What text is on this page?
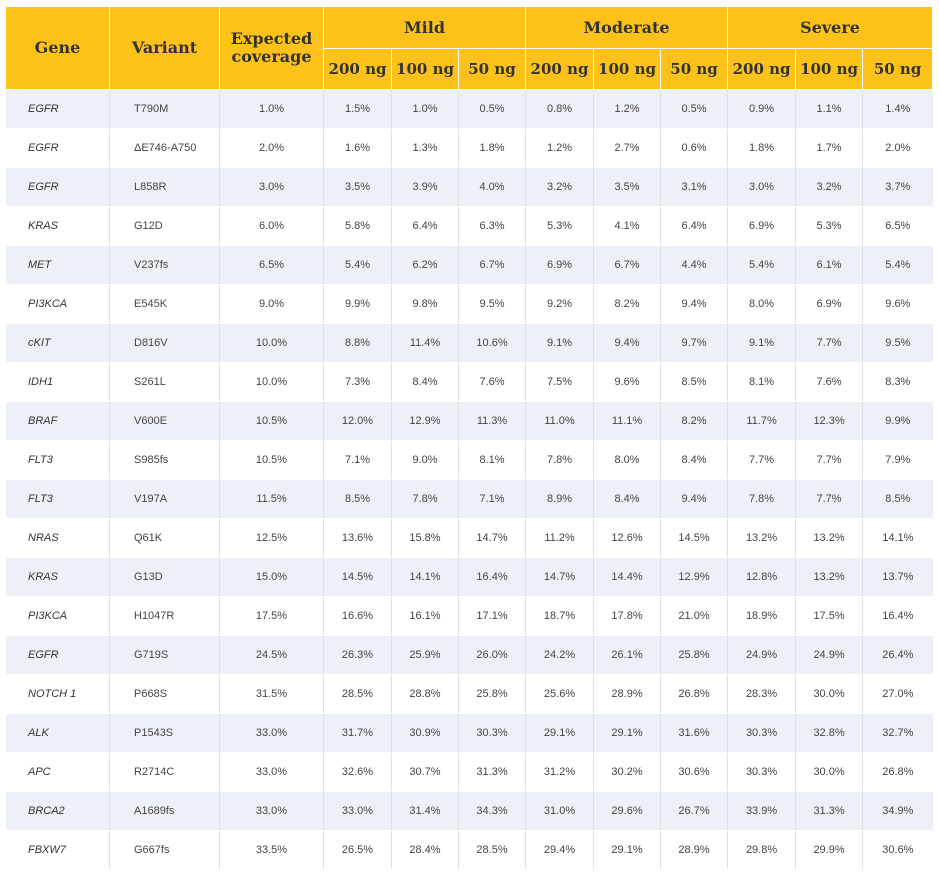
Gene	Variant	Expected coverage	Mild			Moderate			Severe		
			200 ng	100 ng	50 ng	200 ng	100 ng	50 ng	200 ng	100 ng	50 ng
EGFR	T790M	1.0%	1.5%	1.0%	0.5%	0.8%	1.2%	0.5%	0.9%	1.1%	1.4%
EGFR	ΔE746-A750	2.0%	1.6%	1.3%	1.8%	1.2%	2.7%	0.6%	1.8%	1.7%	2.0%
EGFR	L858R	3.0%	3.5%	3.9%	4.0%	3.2%	3.5%	3.1%	3.0%	3.2%	3.7%
KRAS	G12D	6.0%	5.8%	6.4%	6.3%	5.3%	4.1%	6.4%	6.9%	5.3%	6.5%
MET	V237fs	6.5%	5.4%	6.2%	6.7%	6.9%	6.7%	4.4%	5.4%	6.1%	5.4%
PI3KCA	E545K	9.0%	9.9%	9.8%	9.5%	9.2%	8.2%	9.4%	8.0%	6.9%	9.6%
cKIT	D816V	10.0%	8.8%	11.4%	10.6%	9.1%	9.4%	9.7%	9.1%	7.7%	9.5%
IDH1	S261L	10.0%	7.3%	8.4%	7.6%	7.5%	9.6%	8.5%	8.1%	7.6%	8.3%
BRAF	V600E	10.5%	12.0%	12.9%	11.3%	11.0%	11.1%	8.2%	11.7%	12.3%	9.9%
FLT3	S985fs	10.5%	7.1%	9.0%	8.1%	7.8%	8.0%	8.4%	7.7%	7.7%	7.9%
FLT3	V197A	11.5%	8.5%	7.8%	7.1%	8.9%	8.4%	9.4%	7.8%	7.7%	8.5%
NRAS	Q61K	12.5%	13.6%	15.8%	14.7%	11.2%	12.6%	14.5%	13.2%	13.2%	14.1%
KRAS	G13D	15.0%	14.5%	14.1%	16.4%	14.7%	14.4%	12.9%	12.8%	13.2%	13.7%
PI3KCA	H1047R	17.5%	16.6%	16.1%	17.1%	18.7%	17.8%	21.0%	18.9%	17.5%	16.4%
EGFR	G719S	24.5%	26.3%	25.9%	26.0%	24.2%	26.1%	25.8%	24.9%	24.9%	26.4%
NOTCH 1	P668S	31.5%	28.5%	28.8%	25.8%	25.6%	28.9%	26.8%	28.3%	30.0%	27.0%
ALK	P1543S	33.0%	31.7%	30.9%	30.3%	29.1%	29.1%	31.6%	30.3%	32.8%	32.7%
APC	R2714C	33.0%	32.6%	30.7%	31.3%	31.2%	30.2%	30.6%	30.3%	30.0%	26.8%
BRCA2	A1689fs	33.0%	33.0%	31.4%	34.3%	31.0%	29.6%	26.7%	33.9%	31.3%	34.9%
FBXW7	G667fs	33.5%	26.5%	28.4%	28.5%	29.4%	29.1%	28.9%	29.8%	29.9%	30.6%
